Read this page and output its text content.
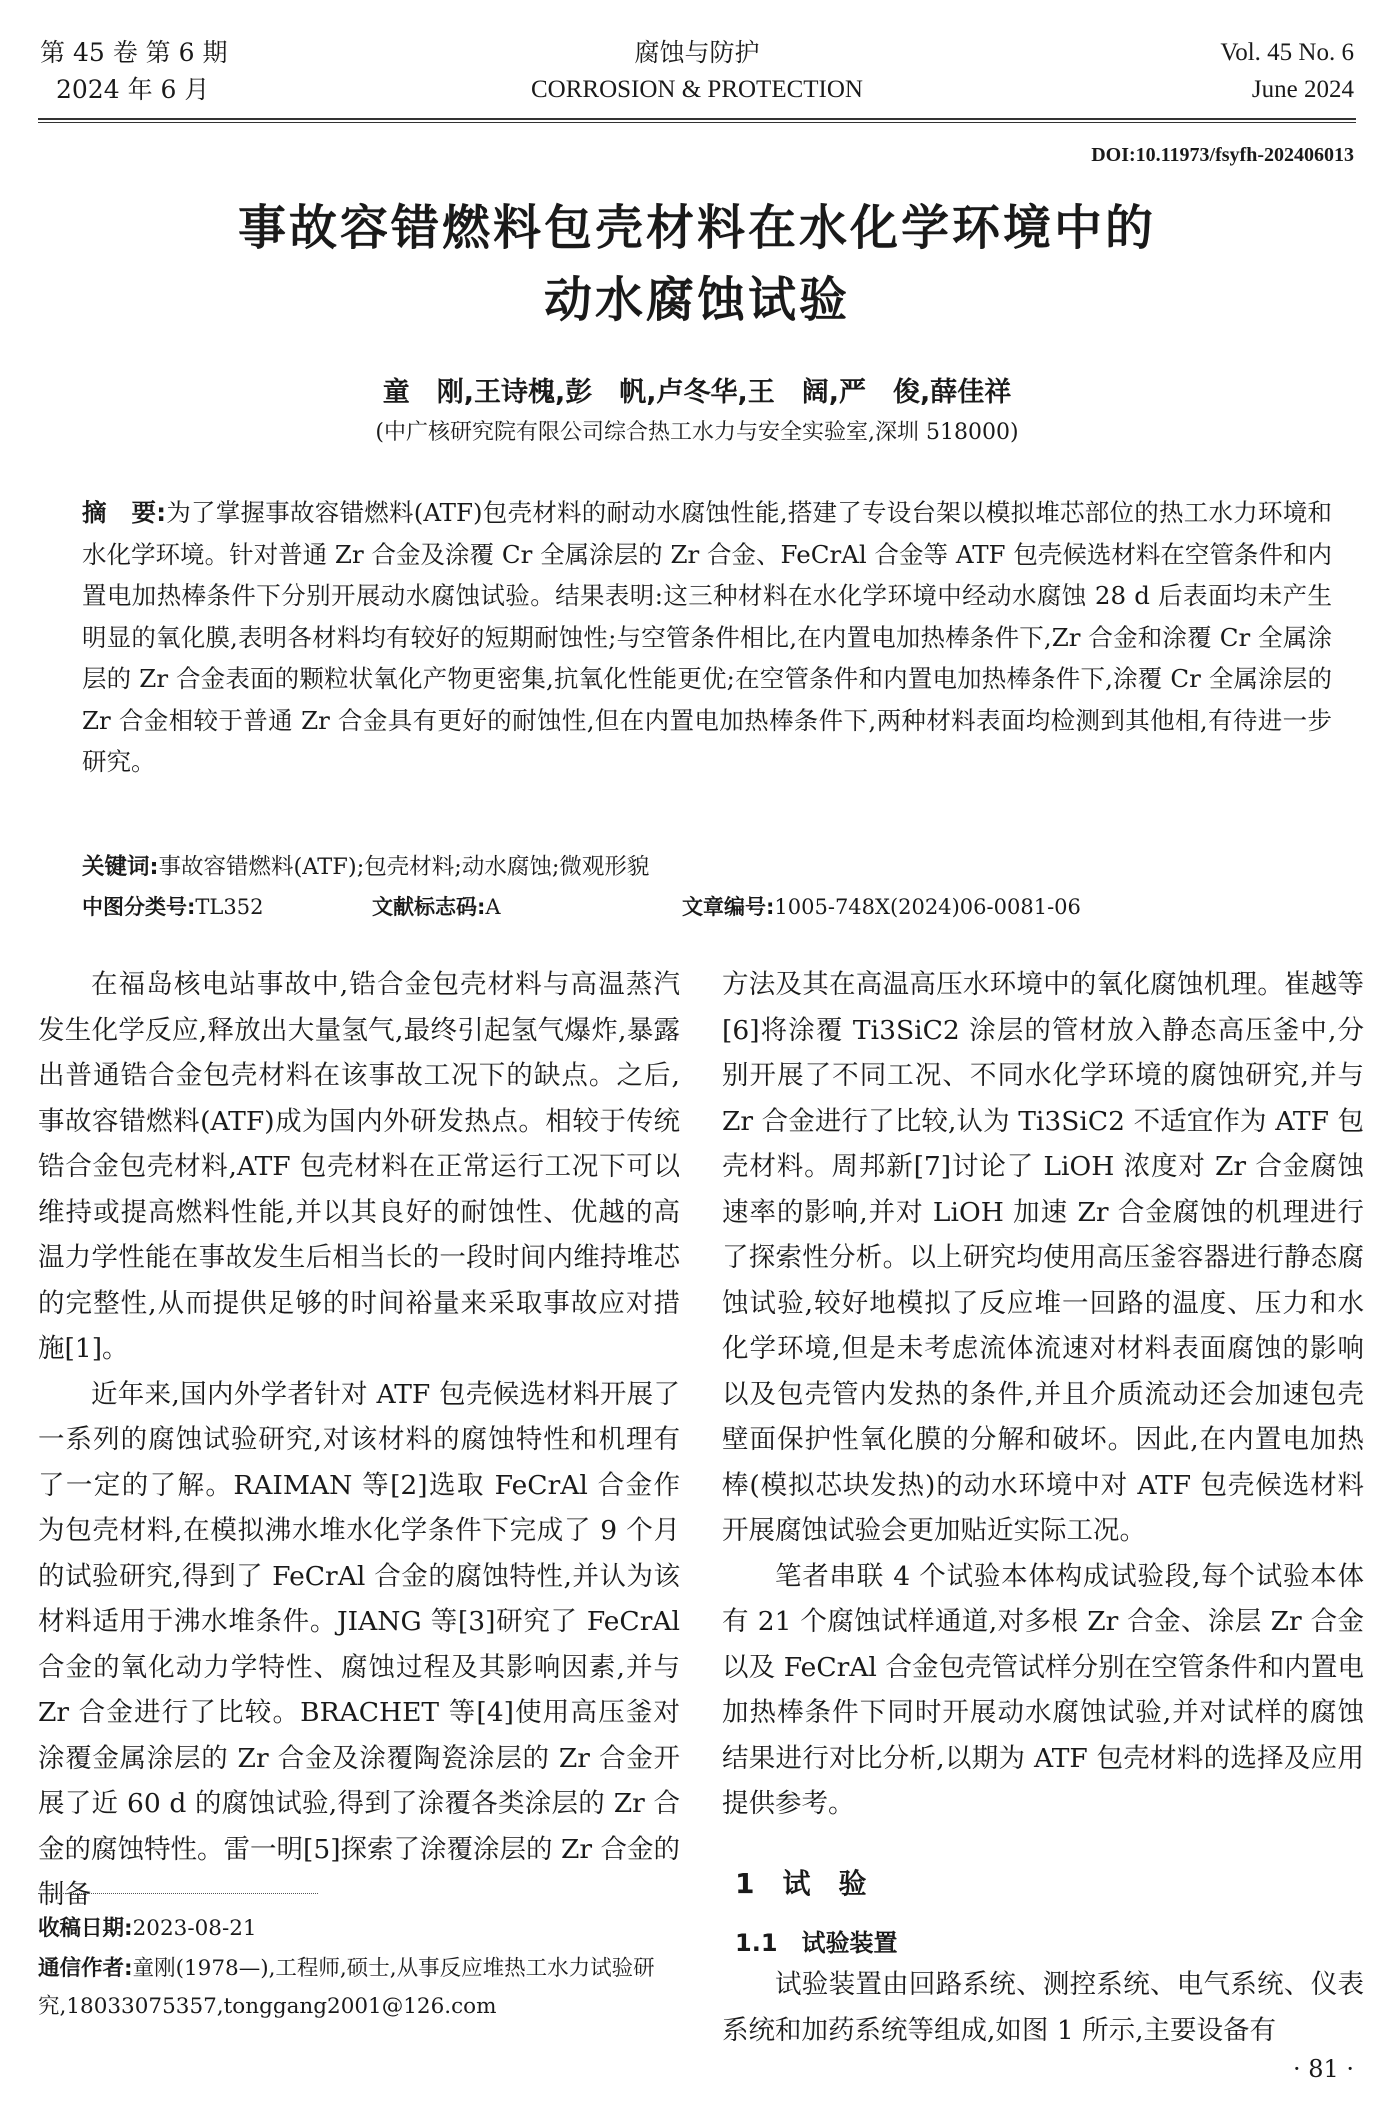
第 45 卷 第 6 期
2024 年 6 月
腐蚀与防护
CORROSION & PROTECTION
Vol. 45 No. 6
June 2024
DOI:10.11973/fsyfh-202406013
事故容错燃料包壳材料在水化学环境中的
动水腐蚀试验
童　刚,王诗槐,彭　帆,卢冬华,王　阔,严　俊,薛佳祥
(中广核研究院有限公司综合热工水力与安全实验室,深圳 518000)
摘　要:为了掌握事故容错燃料(ATF)包壳材料的耐动水腐蚀性能,搭建了专设台架以模拟堆芯部位的热工水力环境和水化学环境。针对普通 Zr 合金及涂覆 Cr 全属涂层的 Zr 合金、FeCrAl 合金等 ATF 包壳候选材料在空管条件和内置电加热棒条件下分别开展动水腐蚀试验。结果表明:这三种材料在水化学环境中经动水腐蚀 28 d 后表面均未产生明显的氧化膜,表明各材料均有较好的短期耐蚀性;与空管条件相比,在内置电加热棒条件下,Zr 合金和涂覆 Cr 全属涂层的 Zr 合金表面的颗粒状氧化产物更密集,抗氧化性能更优;在空管条件和内置电加热棒条件下,涂覆 Cr 全属涂层的 Zr 合金相较于普通 Zr 合金具有更好的耐蚀性,但在内置电加热棒条件下,两种材料表面均检测到其他相,有待进一步研究。
关键词:事故容错燃料(ATF);包壳材料;动水腐蚀;微观形貌
中图分类号:TL352	文献标志码:A	文章编号:1005-748X(2024)06-0081-06

在福岛核电站事故中,锆合金包壳材料与高温蒸汽发生化学反应,释放出大量氢气,最终引起氢气爆炸,暴露出普通锆合金包壳材料在该事故工况下的缺点。之后,事故容错燃料(ATF)成为国内外研发热点。相较于传统锆合金包壳材料,ATF 包壳材料在正常运行工况下可以维持或提高燃料性能,并以其良好的耐蚀性、优越的高温力学性能在事故发生后相当长的一段时间内维持堆芯的完整性,从而提供足够的时间裕量来采取事故应对措施[1]。

近年来,国内外学者针对 ATF 包壳候选材料开展了一系列的腐蚀试验研究,对该材料的腐蚀特性和机理有了一定的了解。RAIMAN 等[2]选取 FeCrAl 合金作为包壳材料,在模拟沸水堆水化学条件下完成了 9 个月的试验研究,得到了 FeCrAl 合金的腐蚀特性,并认为该材料适用于沸水堆条件。JIANG 等[3]研究了 FeCrAl 合金的氧化动力学特性、腐蚀过程及其影响因素,并与 Zr 合金进行了比较。BRACHET 等[4]使用高压釜对涂覆金属涂层的 Zr 合金及涂覆陶瓷涂层的 Zr 合金开展了近 60 d 的腐蚀试验,得到了涂覆各类涂层的 Zr 合金的腐蚀特性。雷一明[5]探索了涂覆涂层的 Zr 合金的制备

方法及其在高温高压水环境中的氧化腐蚀机理。崔越等[6]将涂覆 Ti3SiC2 涂层的管材放入静态高压釜中,分别开展了不同工况、不同水化学环境的腐蚀研究,并与 Zr 合金进行了比较,认为 Ti3SiC2 不适宜作为 ATF 包壳材料。周邦新[7]讨论了 LiOH 浓度对 Zr 合金腐蚀速率的影响,并对 LiOH 加速 Zr 合金腐蚀的机理进行了探索性分析。以上研究均使用高压釜容器进行静态腐蚀试验,较好地模拟了反应堆一回路的温度、压力和水化学环境,但是未考虑流体流速对材料表面腐蚀的影响以及包壳管内发热的条件,并且介质流动还会加速包壳壁面保护性氧化膜的分解和破坏。因此,在内置电加热棒(模拟芯块发热)的动水环境中对 ATF 包壳候选材料开展腐蚀试验会更加贴近实际工况。

笔者串联 4 个试验本体构成试验段,每个试验本体有 21 个腐蚀试样通道,对多根 Zr 合金、涂层 Zr 合金以及 FeCrAl 合金包壳管试样分别在空管条件和内置电加热棒条件下同时开展动水腐蚀试验,并对试样的腐蚀结果进行对比分析,以期为 ATF 包壳材料的选择及应用提供参考。

1　试　验
1.1　试验装置

试验装置由回路系统、测控系统、电气系统、仪表系统和加药系统等组成,如图 1 所示,主要设备有

收稿日期:2023-08-21
通信作者:童刚(1978—),工程师,硕士,从事反应堆热工水力试验研究,18033075357,tonggang2001@126.com
· 81 ·
